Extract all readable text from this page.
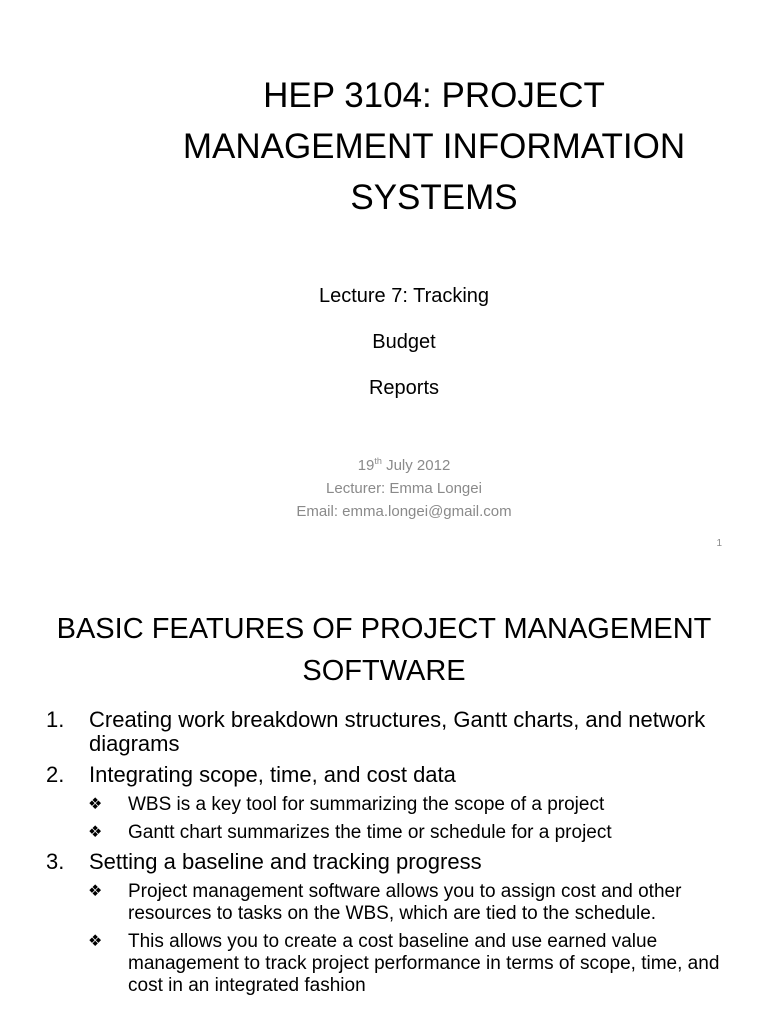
HEP 3104: PROJECT
MANAGEMENT INFORMATION
SYSTEMS
Lecture 7: Tracking
Budget
Reports
19th July 2012
Lecturer: Emma Longei
Email: emma.longei@gmail.com
1
BASIC FEATURES OF PROJECT MANAGEMENT
SOFTWARE
1. Creating work breakdown structures, Gantt charts, and network diagrams
2. Integrating scope, time, and cost data
❖ WBS is a key tool for summarizing the scope of a project
❖ Gantt chart summarizes the time or schedule for a project
3. Setting a baseline and tracking progress
❖ Project management software allows you to assign cost and other resources to tasks on the WBS, which are tied to the schedule.
❖ This allows you to create a cost baseline and use earned value management to track project performance in terms of scope, time, and cost in an integrated fashion
